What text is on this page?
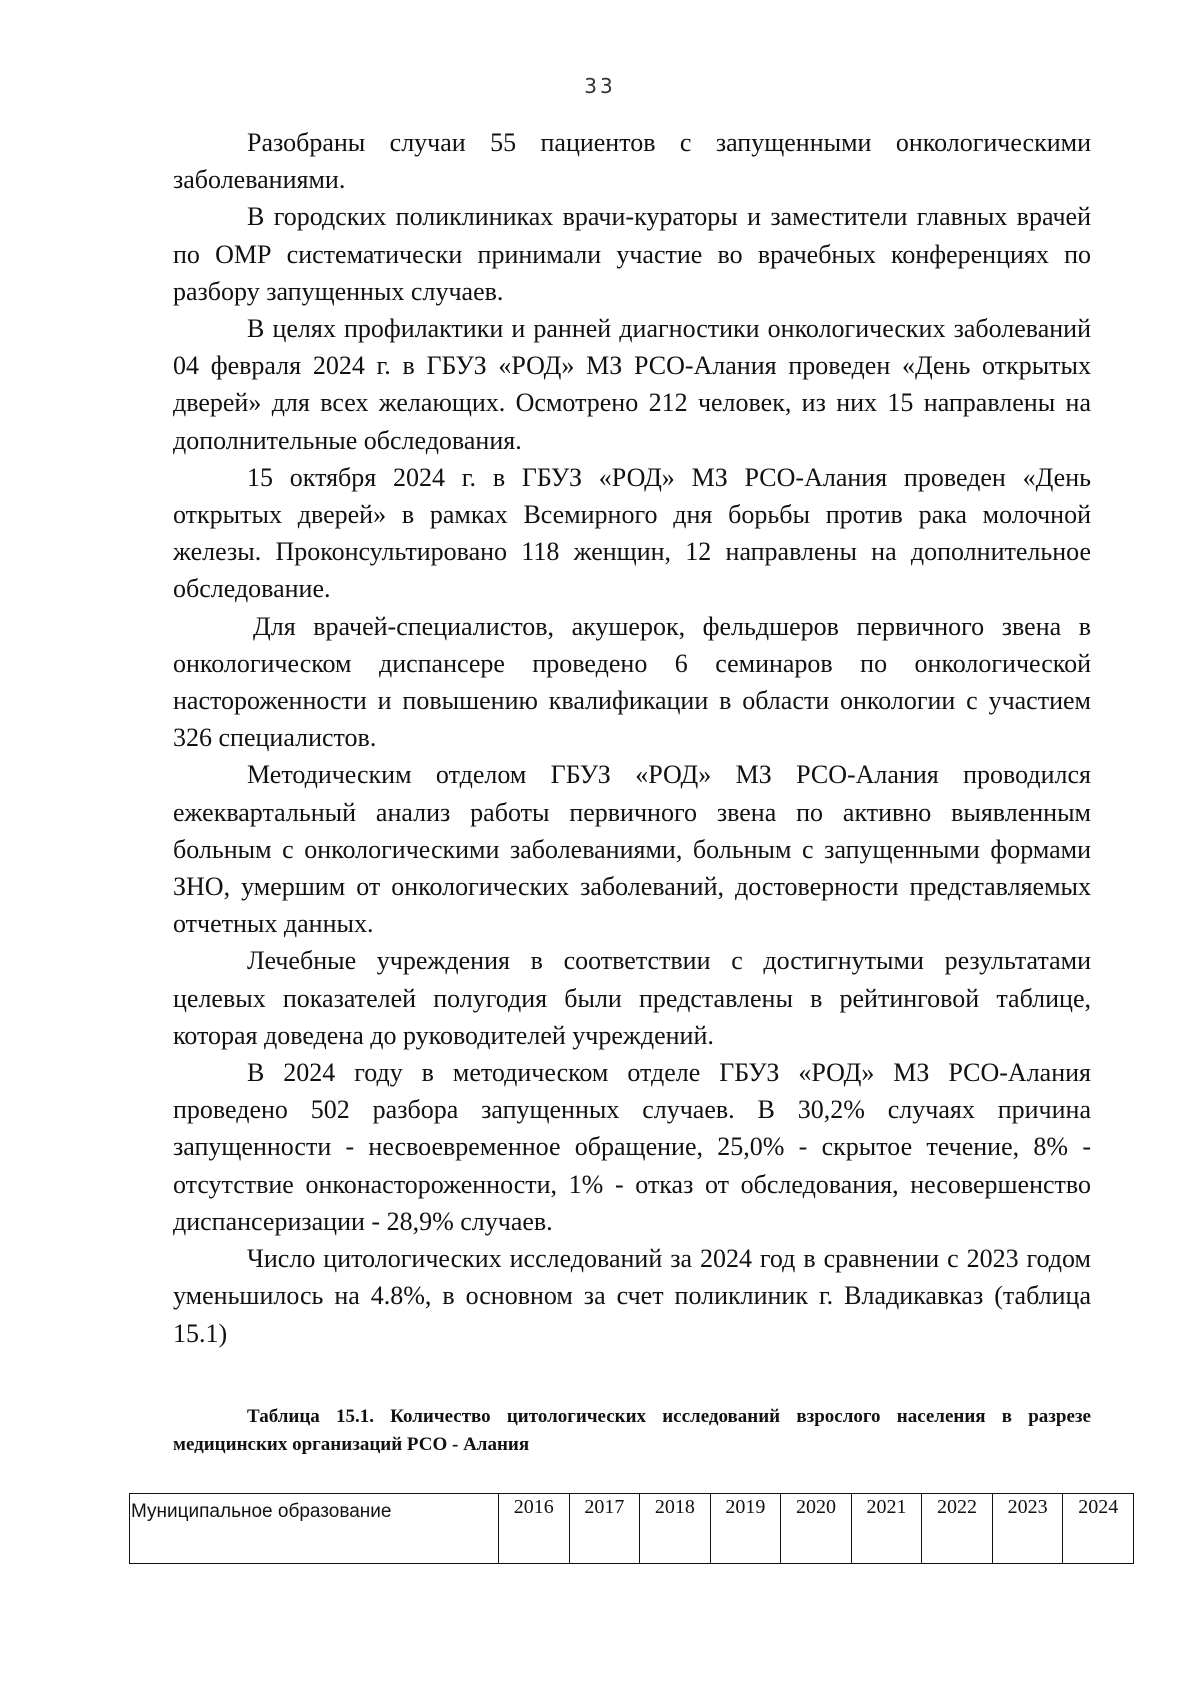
33

Разобраны случаи 55 пациентов с запущенными онкологическими заболеваниями.

В городских поликлиниках врачи-кураторы и заместители главных врачей по ОМР систематически принимали участие во врачебных конференциях по разбору запущенных случаев.

В целях профилактики и ранней диагностики онкологических заболеваний 04 февраля 2024 г. в ГБУЗ «РОД» МЗ РСО-Алания проведен «День открытых дверей» для всех желающих. Осмотрено 212 человек, из них 15 направлены на дополнительные обследования.

15 октября 2024 г. в ГБУЗ «РОД» МЗ РСО-Алания проведен «День открытых дверей» в рамках Всемирного дня борьбы против рака молочной железы. Проконсультировано 118 женщин, 12 направлены на дополнительное обследование.

Для врачей-специалистов, акушерок, фельдшеров первичного звена в онкологическом диспансере проведено 6 семинаров по онкологической настороженности и повышению квалификации в области онкологии с участием 326 специалистов.

Методическим отделом ГБУЗ «РОД» МЗ РСО-Алания проводился ежеквартальный анализ работы первичного звена по активно выявленным больным с онкологическими заболеваниями, больным с запущенными формами ЗНО, умершим от онкологических заболеваний, достоверности представляемых отчетных данных.

Лечебные учреждения в соответствии с достигнутыми результатами целевых показателей полугодия были представлены в рейтинговой таблице, которая доведена до руководителей учреждений.

В 2024 году в методическом отделе ГБУЗ «РОД» МЗ РСО-Алания проведено 502 разбора запущенных случаев. В 30,2% случаях причина запущенности - несвоевременное обращение, 25,0% - скрытое течение, 8% - отсутствие онконастороженности, 1% - отказ от обследования, несовершенство диспансеризации - 28,9% случаев.

Число цитологических исследований за 2024 год в сравнении с 2023 годом уменьшилось на 4.8%, в основном за счет поликлиник г. Владикавказ (таблица 15.1)

Таблица 15.1. Количество цитологических исследований взрослого населения в разрезе медицинских организаций РСО - Алания
Муниципальное образование	2016	2017	2018	2019	2020	2021	2022	2023	2024
